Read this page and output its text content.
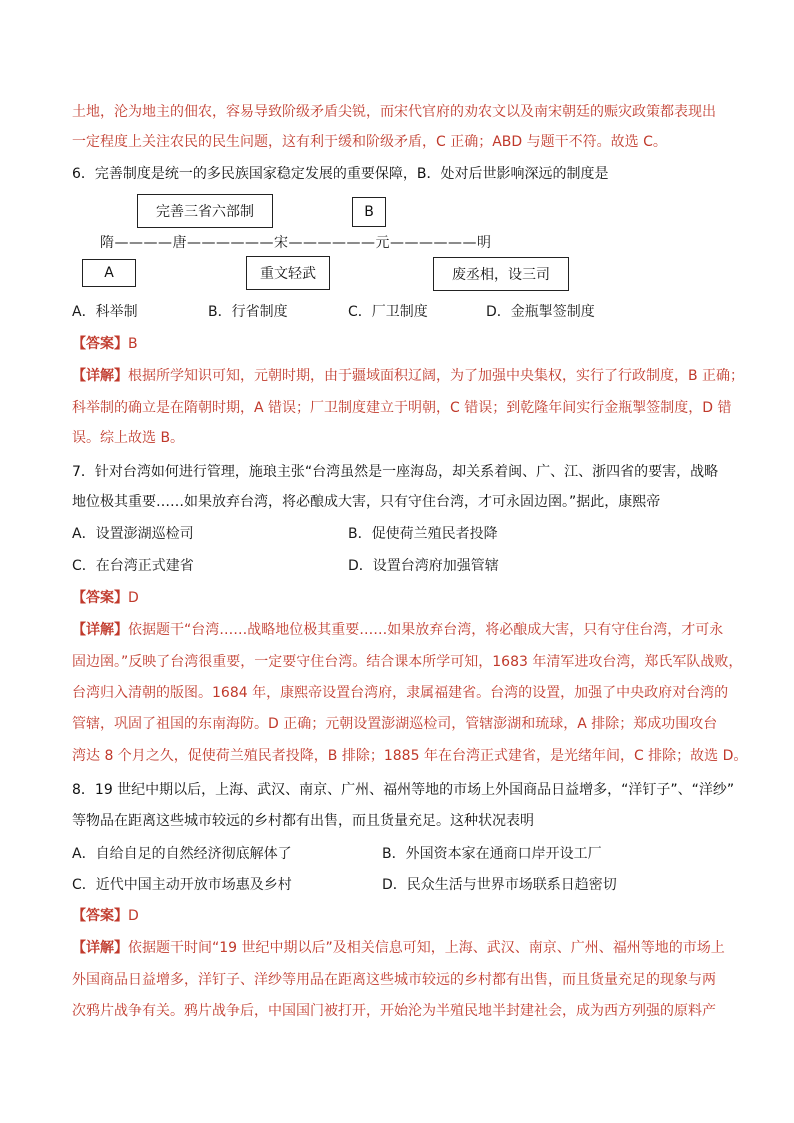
土地，沦为地主的佃农，容易导致阶级矛盾尖锐，而宋代官府的劝农文以及南宋朝廷的赈灾政策都表现出
一定程度上关注农民的民生问题，这有利于缓和阶级矛盾，C 正确；ABD 与题干不符。故选 C。
6．完善制度是统一的多民族国家稳定发展的重要保障，B．处对后世影响深远的制度是
完善三省六部制	B
隋————唐——————宋——————元——————明
A	重文轻武	废丞相，设三司
A．科举制	B．行省制度	C．厂卫制度	D．金瓶掣签制度
【答案】B
【详解】根据所学知识可知，元朝时期，由于疆域面积辽阔，为了加强中央集权，实行了行政制度，B 正确；
科举制的确立是在隋朝时期，A 错误；厂卫制度建立于明朝，C 错误；到乾隆年间实行金瓶掣签制度，D 错
误。综上故选 B。
7．针对台湾如何进行管理，施琅主张“台湾虽然是一座海岛，却关系着闽、广、江、浙四省的要害，战略
地位极其重要……如果放弃台湾，将必酿成大害，只有守住台湾，才可永固边圉。”据此，康熙帝
A．设置澎湖巡检司	B．促使荷兰殖民者投降
C．在台湾正式建省	D．设置台湾府加强管辖
【答案】D
【详解】依据题干“台湾……战略地位极其重要……如果放弃台湾，将必酿成大害，只有守住台湾，才可永
固边圉。”反映了台湾很重要，一定要守住台湾。结合课本所学可知，1683 年清军进攻台湾，郑氏军队战败，
台湾归入清朝的版图。1684 年，康熙帝设置台湾府，隶属福建省。台湾的设置，加强了中央政府对台湾的
管辖，巩固了祖国的东南海防。D 正确；元朝设置澎湖巡检司，管辖澎湖和琉球，A 排除；郑成功围攻台
湾达 8 个月之久，促使荷兰殖民者投降，B 排除；1885 年在台湾正式建省，是光绪年间，C 排除；故选 D。
8．19 世纪中期以后，上海、武汉、南京、广州、福州等地的市场上外国商品日益增多，“洋钉子”、“洋纱”
等物品在距离这些城市较远的乡村都有出售，而且货量充足。这种状况表明
A．自给自足的自然经济彻底解体了	B．外国资本家在通商口岸开设工厂
C．近代中国主动开放市场惠及乡村	D．民众生活与世界市场联系日趋密切
【答案】D
【详解】依据题干时间“19 世纪中期以后”及相关信息可知，上海、武汉、南京、广州、福州等地的市场上
外国商品日益增多，洋钉子、洋纱等用品在距离这些城市较远的乡村都有出售，而且货量充足的现象与两
次鸦片战争有关。鸦片战争后，中国国门被打开，开始沦为半殖民地半封建社会，成为西方列强的原料产
